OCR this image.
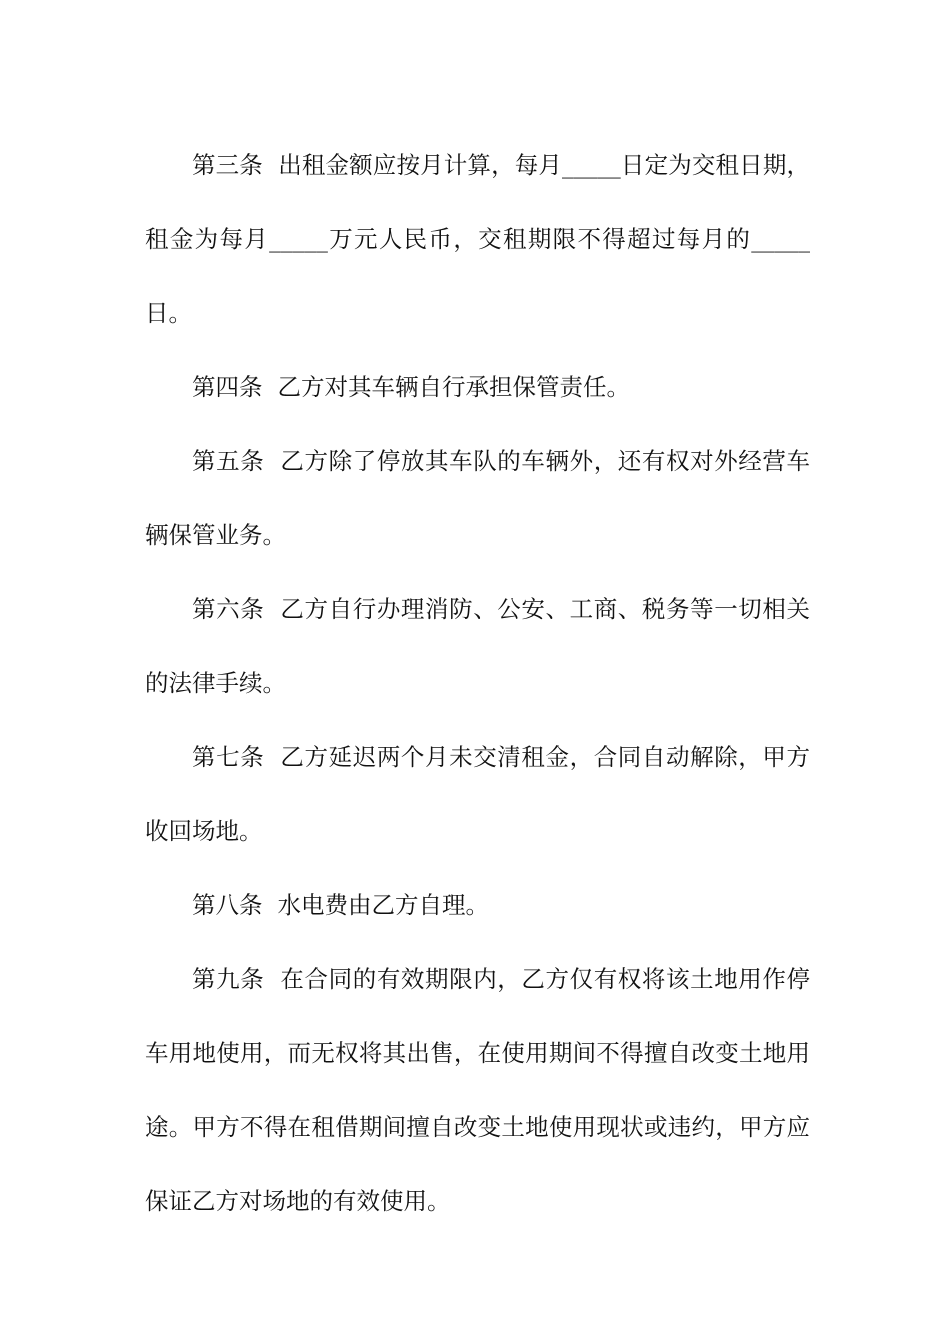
第三条  出租金额应按月计算，每月_____日定为交租日期，租金为每月_____万元人民币，交租期限不得超过每月的_____日。

第四条  乙方对其车辆自行承担保管责任。

第五条  乙方除了停放其车队的车辆外，还有权对外经营车辆保管业务。

第六条  乙方自行办理消防、公安、工商、税务等一切相关的法律手续。

第七条  乙方延迟两个月未交清租金，合同自动解除，甲方收回场地。

第八条  水电费由乙方自理。

第九条  在合同的有效期限内，乙方仅有权将该土地用作停车用地使用，而无权将其出售，在使用期间不得擅自改变土地用途。甲方不得在租借期间擅自改变土地使用现状或违约，甲方应保证乙方对场地的有效使用。
